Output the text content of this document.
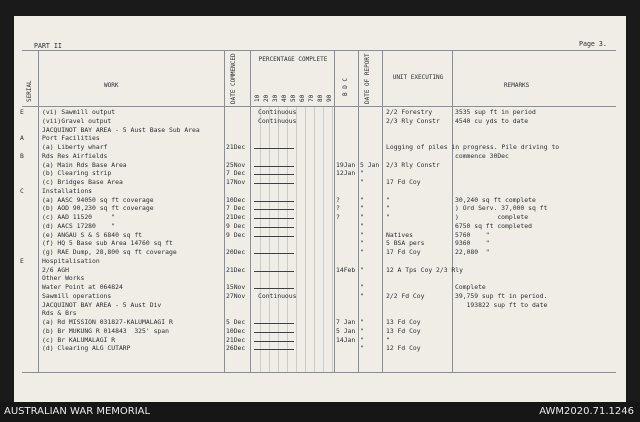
PART II	Page 3.
SERIAL	WORK	DATE COMMENCED	PERCENTAGE COMPLETE
10 20 30 40 50 60 70 80 90
B D C	DATE OF REPORT	UNIT EXECUTING
REMARKS
E	(vi) Sawmill output	Continuous	2/2 Forestry	3535 sup ft in period
(vii)Gravel output	Continuous	2/3 Rly Constr 4540 cu yds to date
JACQUINOT BAY AREA - 5 Aust Base Sub Area
A	Port Facilities
(a) Liberty wharf	21Dec	Logging of piles in progress. Pile driving to
B	Rds Res Airfields	commence 30Dec
(a) Main Rds Base Area	25Nov	19Jan 5 Jan 2/3 Rly Constr
(b) Clearing strip	7 Dec	12Jan "
(c) Bridges Base Area	17Nov	"	17 Fd Coy
C	Installations
(a) AASC 94050 sq ft coverage	10Dec	?	"	"	30,240 sq ft complete
(b) AOD 90,230 sq ft coverage	7 Dec	?	"	"	) Ord Serv. 37,000 sq ft
(c) AAD 11520     "	21Dec	?	"	"	)          complete
(d) AACS 17280    "	9 Dec	"	6750 sq ft completed
(e) ANGAU S & S 6840 sq ft	9 Dec	"	Natives	5760    "
(f) HQ 5 Base sub Area 14760 sq ft	"	5 BSA pers	9360    "
(g) RAE Dump, 28,800 sq ft coverage	20Dec	"	17 Fd Coy	22,080  "
E	Hospitalisation
2/6 AGH	21Dec	14Feb "	12 A Tps Coy 2/3 Rly
Other Works
Water Point at 064824	15Nov	"	Complete
Sawmill operations	27Nov Continuous	"	2/2 Fd Coy	39,759 sup ft in period.
JACQUINOT BAY AREA - 5 Aust Div	193822 sup ft to date
Rds & Brs
(a) Rd MISSION 031827-KALUMALAGI R	5 Dec	7 Jan "	13 Fd Coy
(b) Br MUKUNG R 014843  325' span	10Dec	5 Jan "	13 Fd Coy
(c) Br KALUMALAGI R	21Dec	14Jan "	"
(d) Clearing ALG CUTARP	26Dec	"	12 Fd Coy
AUSTRALIAN WAR MEMORIAL	AWM2020.71.1246
